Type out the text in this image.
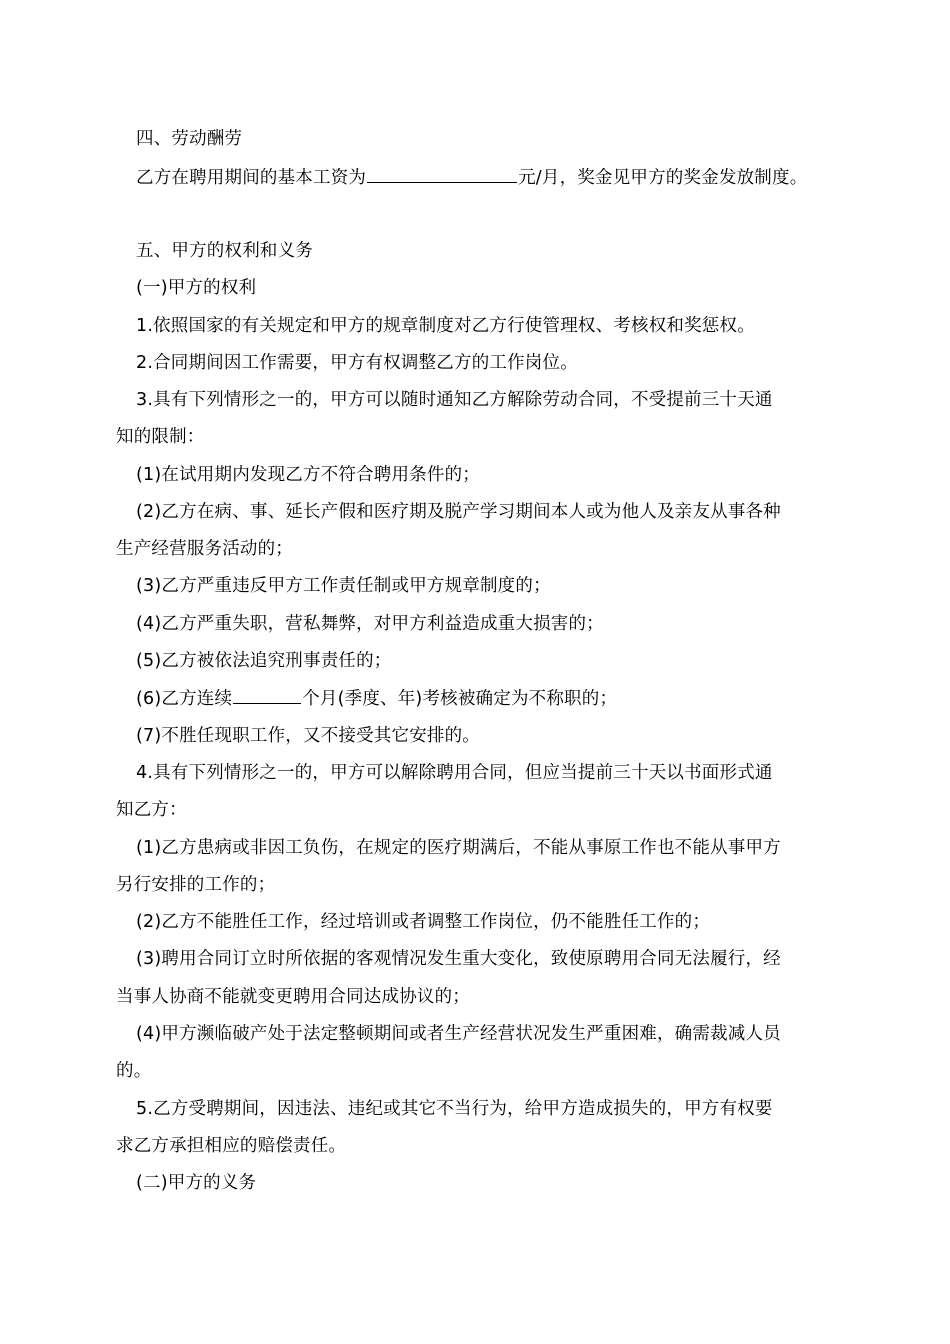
四、劳动酬劳
乙方在聘用期间的基本工资为	元/月，奖金见甲方的奖金发放制度。
五、甲方的权利和义务
(一)甲方的权利
1.依照国家的有关规定和甲方的规章制度对乙方行使管理权、考核权和奖惩权。
2.合同期间因工作需要，甲方有权调整乙方的工作岗位。
3.具有下列情形之一的，甲方可以随时通知乙方解除劳动合同，不受提前三十天通
知的限制：
(1)在试用期内发现乙方不符合聘用条件的；
(2)乙方在病、事、延长产假和医疗期及脱产学习期间本人或为他人及亲友从事各种
生产经营服务活动的；
(3)乙方严重违反甲方工作责任制或甲方规章制度的；
(4)乙方严重失职，营私舞弊，对甲方利益造成重大损害的；
(5)乙方被依法追究刑事责任的；
(6)乙方连续	个月(季度、年)考核被确定为不称职的；
(7)不胜任现职工作，又不接受其它安排的。
4.具有下列情形之一的，甲方可以解除聘用合同，但应当提前三十天以书面形式通
知乙方：
(1)乙方患病或非因工负伤，在规定的医疗期满后，不能从事原工作也不能从事甲方
另行安排的工作的；
(2)乙方不能胜任工作，经过培训或者调整工作岗位，仍不能胜任工作的；
(3)聘用合同订立时所依据的客观情况发生重大变化，致使原聘用合同无法履行，经
当事人协商不能就变更聘用合同达成协议的；
(4)甲方濒临破产处于法定整顿期间或者生产经营状况发生严重困难，确需裁减人员
的。
5.乙方受聘期间，因违法、违纪或其它不当行为，给甲方造成损失的，甲方有权要
求乙方承担相应的赔偿责任。
(二)甲方的义务
